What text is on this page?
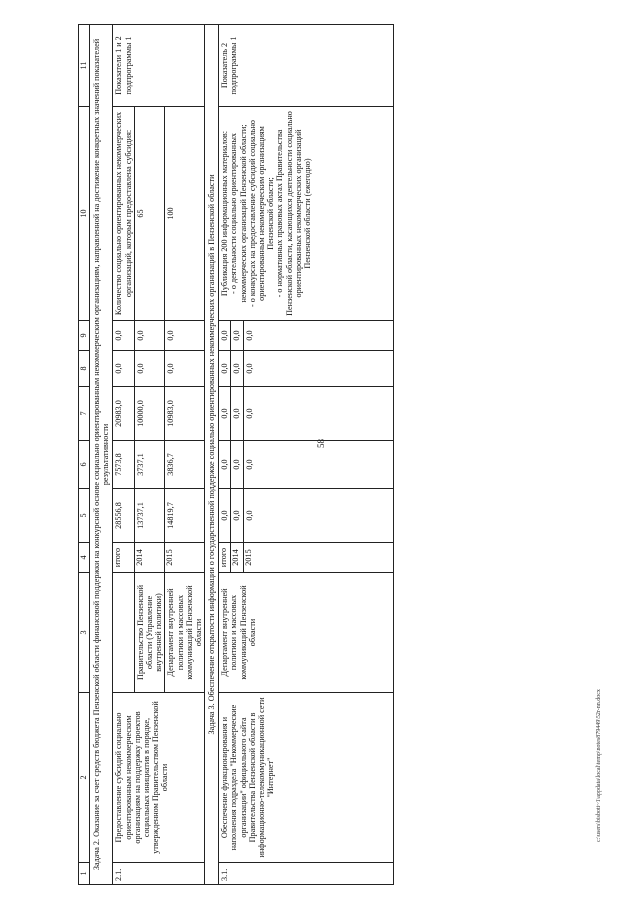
58
1	2	3	4	5	6	7	8	9	10	11
Задача 2. Оказание за счет средств бюджета Пензенской области финансовой поддержки на конкурсной основе социально ориентированным некоммерческим организациям, направленной на достижение конкретных значений показателей результативности										
2.1.	Предоставление субсидий социально ориентированным некоммерческим организациям на поддержку проектов социальных инициатив в порядке, утвержденном Правительством Пензенской области		итого	28556,8	7573,8	20983,0	0,0	0,0	Количество социально ориентированных некоммерческих организаций, которым предоставлена субсидия:	Показатели 1 и 2 подпрограммы 1
		Правительство Пензенской области (Управление внутренней политики)	2014	13737,1	3737,1	10000,0	0,0	0,0	65	
		Департамент внутренней политики и массовых коммуникаций Пензенской области	2015	14819,7	3836,7	10983,0	0,0	0,0	100	
Задача 3. Обеспечение открытости информации о государственной поддержке социально ориентированных некоммерческих организаций в Пензенской области										
3.1.	Обеспечение функционирования и наполнения подраздела "Некоммерческие организации" официального сайта Правительства Пензенской области в информационно-телекоммуникационной сети "Интернет"	Департамент внутренней политики и массовых коммуникаций Пензенской области	итого	0,0	0,0	0,0	0,0	0,0	Публикация 200 информационных материалов:
- о деятельности социально ориентированных некоммерческих организаций Пензенской области;
- о конкурсах на предоставление субсидий социально ориентированным некоммерческим организациям Пензенской области;
- о нормативных правовых актах Правительства Пензенской области, касающихся деятельности социально ориентированных некоммерческих организаций Пензенской области (ежегодно)	Показатель 2 подпрограммы 1
			2014	0,0	0,0	0,0	0,0	0,0		
			2015	0,0	0,0	0,0	0,0	0,0		
c:\users\bisboti~1\appdata\local\temp\notes879449\52r-nn.docx
